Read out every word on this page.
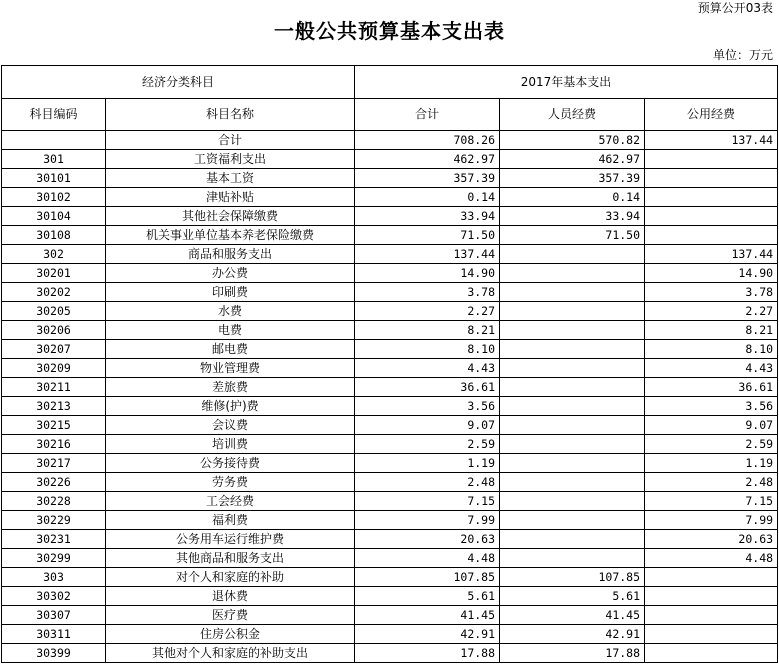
预算公开03表
一般公共预算基本支出表
单位：万元
经济分类科目		2017年基本支出		
科目编码	科目名称	合计	人员经费	公用经费
	合计	708.26	570.82	137.44
301	工资福利支出	462.97	462.97	
30101	基本工资	357.39	357.39	
30102	津贴补贴	0.14	0.14	
30104	其他社会保障缴费	33.94	33.94	
30108	机关事业单位基本养老保险缴费	71.50	71.50	
302	商品和服务支出	137.44		137.44
30201	办公费	14.90		14.90
30202	印刷费	3.78		3.78
30205	水费	2.27		2.27
30206	电费	8.21		8.21
30207	邮电费	8.10		8.10
30209	物业管理费	4.43		4.43
30211	差旅费	36.61		36.61
30213	维修(护)费	3.56		3.56
30215	会议费	9.07		9.07
30216	培训费	2.59		2.59
30217	公务接待费	1.19		1.19
30226	劳务费	2.48		2.48
30228	工会经费	7.15		7.15
30229	福利费	7.99		7.99
30231	公务用车运行维护费	20.63		20.63
30299	其他商品和服务支出	4.48		4.48
303	对个人和家庭的补助	107.85	107.85	
30302	退休费	5.61	5.61	
30307	医疗费	41.45	41.45	
30311	住房公积金	42.91	42.91	
30399	其他对个人和家庭的补助支出	17.88	17.88	
